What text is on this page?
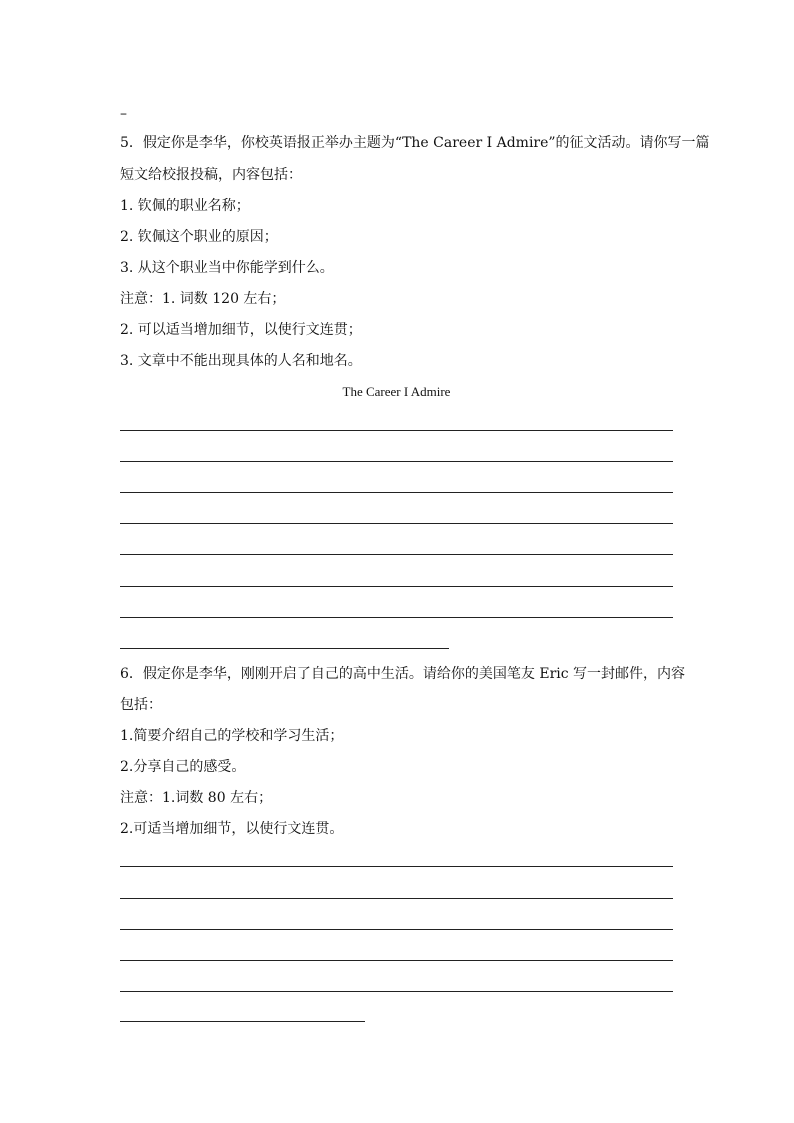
–
5．假定你是李华，你校英语报正举办主题为“The Career I Admire”的征文活动。请你写一篇
短文给校报投稿，内容包括：
1. 钦佩的职业名称；
2. 钦佩这个职业的原因；
3. 从这个职业当中你能学到什么。
注意：1. 词数 120 左右；
2. 可以适当增加细节，以使行文连贯；
3. 文章中不能出现具体的人名和地名。
The Career I Admire
6．假定你是李华，刚刚开启了自己的高中生活。请给你的美国笔友 Eric 写一封邮件，内容
包括：
1.简要介绍自己的学校和学习生活；
2.分享自己的感受。
注意：1.词数 80 左右；
2.可适当增加细节，以使行文连贯。
